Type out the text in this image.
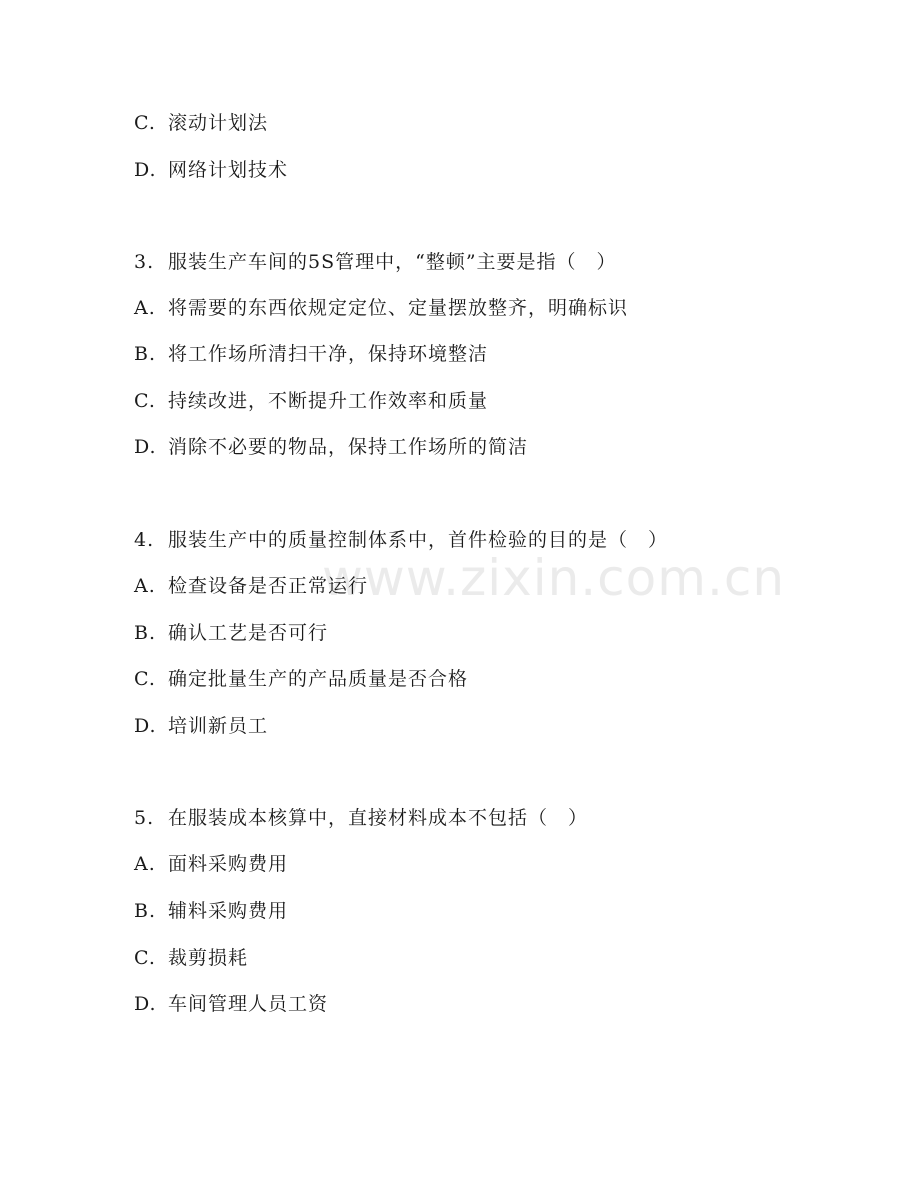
www.zixin.com.cn
C. 滚动计划法
D. 网络计划技术
3. 服装生产车间的5S管理中，“整顿”主要是指（　）
A. 将需要的东西依规定定位、定量摆放整齐，明确标识
B. 将工作场所清扫干净，保持环境整洁
C. 持续改进，不断提升工作效率和质量
D. 消除不必要的物品，保持工作场所的简洁
4. 服装生产中的质量控制体系中，首件检验的目的是（　）
A. 检查设备是否正常运行
B. 确认工艺是否可行
C. 确定批量生产的产品质量是否合格
D. 培训新员工
5. 在服装成本核算中，直接材料成本不包括（　）
A. 面料采购费用
B. 辅料采购费用
C. 裁剪损耗
D. 车间管理人员工资
